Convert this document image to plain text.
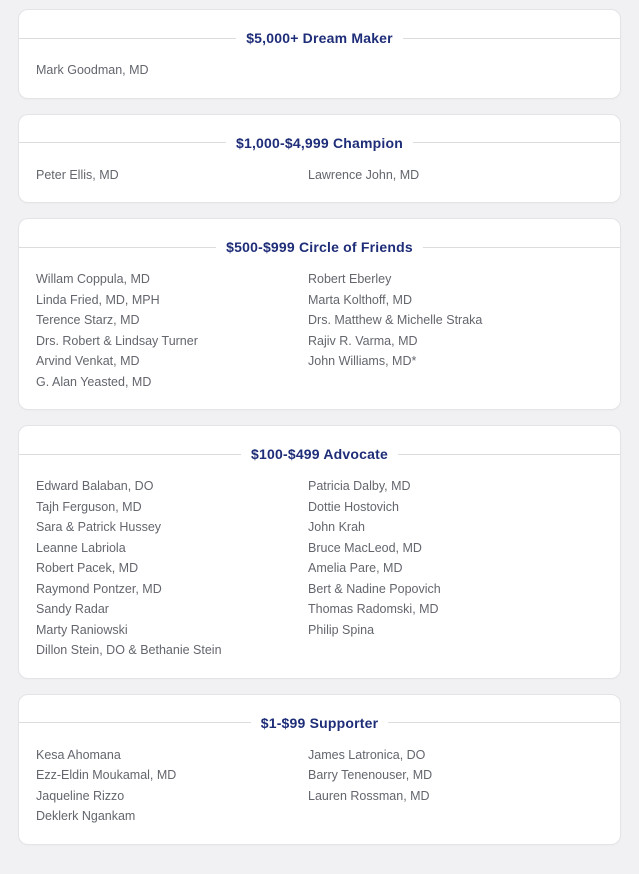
$5,000+ Dream Maker
Mark Goodman, MD
$1,000-$4,999 Champion
Peter Ellis, MD	Lawrence John, MD
$500-$999 Circle of Friends
Willam Coppula, MD
Linda Fried, MD, MPH
Terence Starz, MD
Drs. Robert & Lindsay Turner
Arvind Venkat, MD
G. Alan Yeasted, MD
Robert Eberley
Marta Kolthoff, MD
Drs. Matthew & Michelle Straka
Rajiv R. Varma, MD
John Williams, MD*
$100-$499 Advocate
Edward Balaban, DO
Tajh Ferguson, MD
Sara & Patrick Hussey
Leanne Labriola
Robert Pacek, MD
Raymond Pontzer, MD
Sandy Radar
Marty Raniowski
Dillon Stein, DO & Bethanie Stein
Patricia Dalby, MD
Dottie Hostovich
John Krah
Bruce MacLeod, MD
Amelia Pare, MD
Bert & Nadine Popovich
Thomas Radomski, MD
Philip Spina
$1-$99 Supporter
Kesa Ahomana
Ezz-Eldin Moukamal, MD
Jaqueline Rizzo
Deklerk Ngankam
James Latronica, DO
Barry Tenenouser, MD
Lauren Rossman, MD
